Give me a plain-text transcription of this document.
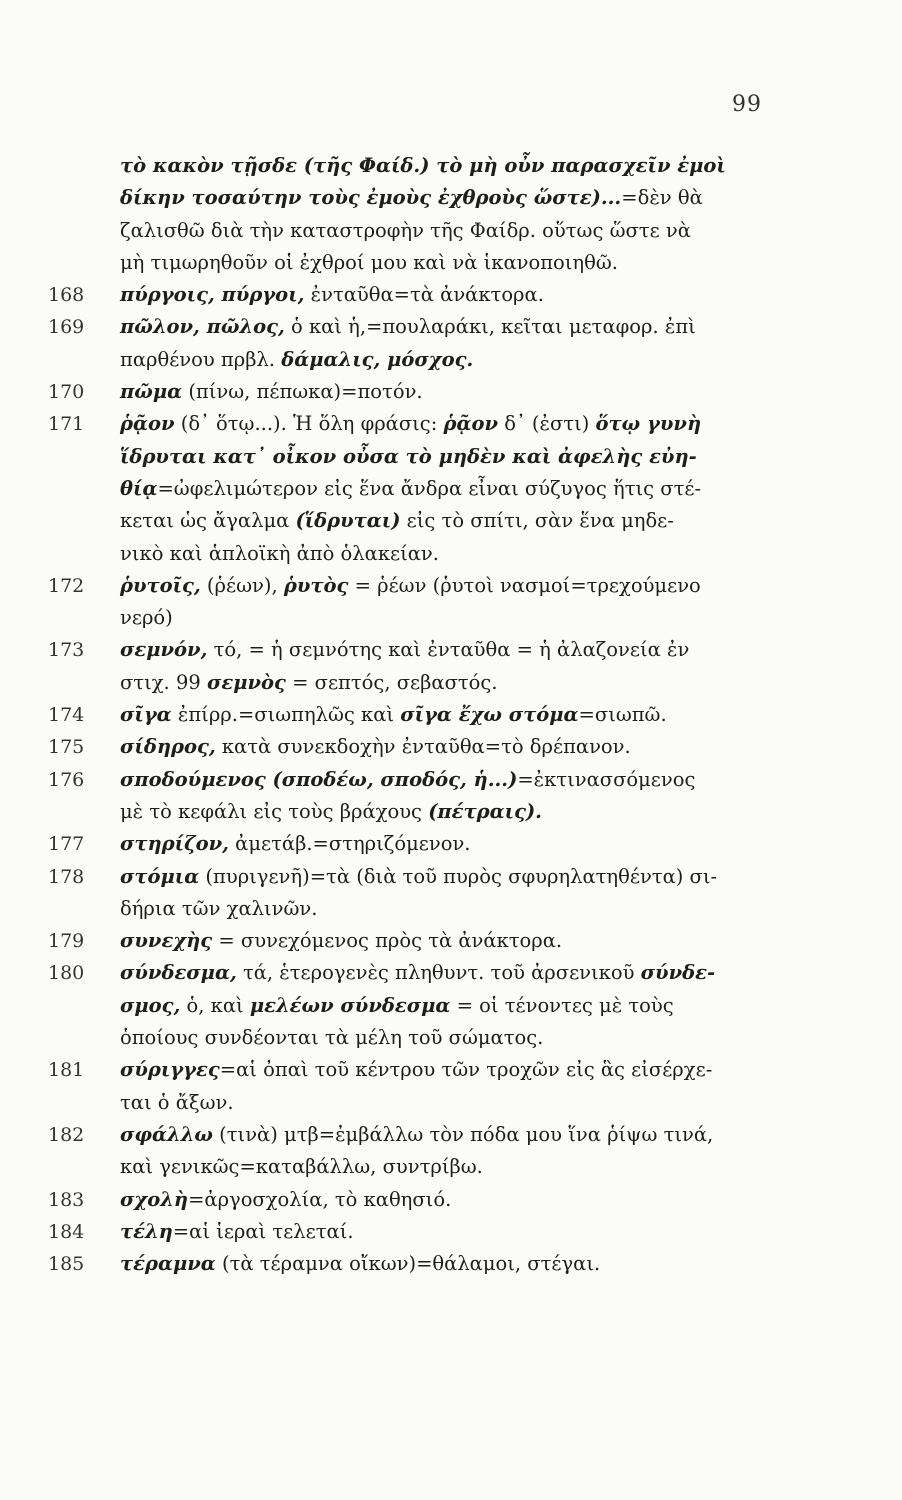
99
τὸ κακὸν τῇσδε (τῆς Φαίδ.) τὸ μὴ οὖν παρασχεῖν ἐμοὶ
δίκην τοσαύτην τοὺς ἐμοὺς ἐχθροὺς ὥστε)...=δὲν θὰ
ζαλισθῶ διὰ τὴν καταστροφὴν τῆς Φαίδρ. οὕτως ὥστε νὰ
μὴ τιμωρηθοῦν οἱ ἐχθροί μου καὶ νὰ ἱκανοποιηθῶ.
168	πύργοις, πύργοι, ἐνταῦθα=τὰ ἀνάκτορα.
169	πῶλον, πῶλος, ὁ καὶ ἡ,=πουλαράκι, κεῖται μεταφορ. ἐπὶ
παρθένου πρβλ. δάμαλις, μόσχος.
170	πῶμα (πίνω, πέπωκα)=ποτόν.
171	ῥᾷον (δ᾽ ὅτῳ...). Ἡ ὅλη φράσις: ῥᾷον δ᾽ (ἐστι) ὅτῳ γυνὴ
ἵδρυται κατ᾽ οἶκον οὖσα τὸ μηδὲν καὶ ἀφελὴς εὐη-
θίᾳ=ὠφελιμώτερον εἰς ἕνα ἄνδρα εἶναι σύζυγος ἥτις στέ-
κεται ὡς ἄγαλμα (ἵδρυται) εἰς τὸ σπίτι, σὰν ἕνα μηδε-
νικὸ καὶ ἁπλοϊκὴ ἀπὸ ὁλακείαν.
172	ῥυτοῖς, (ῥέων), ῥυτὸς = ῥέων (ῥυτοὶ νασμοί=τρεχούμενο
νερό)
173	σεμνόν, τό, = ἡ σεμνότης καὶ ἐνταῦθα = ἡ ἀλαζονεία ἐν
στιχ. 99 σεμνὸς = σεπτός, σεβαστός.
174	σῖγα ἐπίρρ.=σιωπηλῶς καὶ σῖγα ἔχω στόμα=σιωπῶ.
175	σίδηρος, κατὰ συνεκδοχὴν ἐνταῦθα=τὸ δρέπανον.
176	σποδούμενος (σποδέω, σποδός, ἡ...)=ἐκτινασσόμενος
μὲ τὸ κεφάλι εἰς τοὺς βράχους (πέτραις).
177	στηρίζον, ἀμετάβ.=στηριζόμενον.
178	στόμια (πυριγενῆ)=τὰ (διὰ τοῦ πυρὸς σφυρηλατηθέντα) σι-
δήρια τῶν χαλινῶν.
179	συνεχὴς = συνεχόμενος πρὸς τὰ ἀνάκτορα.
180	σύνδεσμα, τά, ἑτερογενὲς πληθυντ. τοῦ ἀρσενικοῦ σύνδε-
σμος, ὁ, καὶ μελέων σύνδεσμα = οἱ τένοντες μὲ τοὺς
ὁποίους συνδέονται τὰ μέλη τοῦ σώματος.
181	σύριγγες=αἱ ὀπαὶ τοῦ κέντρου τῶν τροχῶν εἰς ἃς εἰσέρχε-
ται ὁ ἄξων.
182	σφάλλω (τινὰ) μτβ=ἐμβάλλω τὸν πόδα μου ἵνα ῥίψω τινά,
καὶ γενικῶς=καταβάλλω, συντρίβω.
183	σχολὴ=ἀργοσχολία, τὸ καθησιό.
184	τέλη=αἱ ἱεραὶ τελεταί.
185	τέραμνα (τὰ τέραμνα οἴκων)=θάλαμοι, στέγαι.
